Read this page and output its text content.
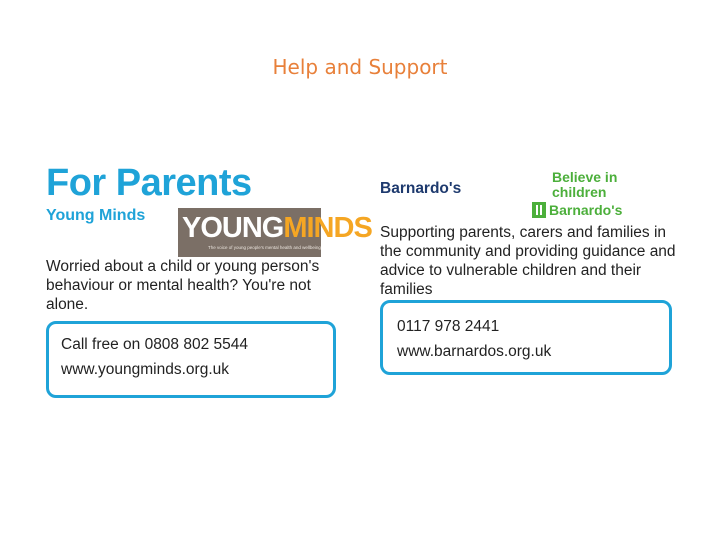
Help and Support
For Parents
Young Minds YOUNGMINDS
The voice of young people's mental health and wellbeing
Worried about a child or young person's behaviour or mental health? You're not alone.
Call free on 0808 802 5544
www.youngminds.org.uk
Barnardo's
Believe in
children
Barnardo's
Supporting parents, carers and families in the community and providing guidance and advice to vulnerable children and their families
0117 978 2441
www.barnardos.org.uk
